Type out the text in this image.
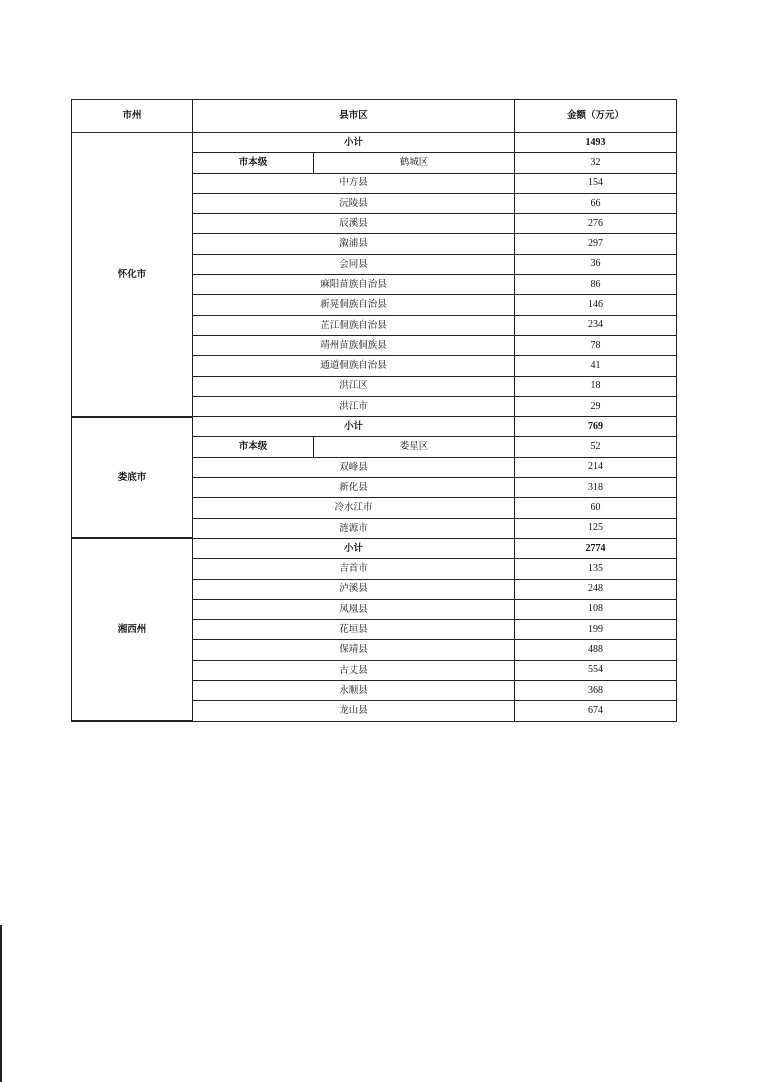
市州	县市区		金额（万元）
怀化市	小计		1493
	市本级	鹤城区	32
	中方县		154
	沅陵县		66
	辰溪县		276
	溆浦县		297
	会同县		36
	麻阳苗族自治县		86
	新晃侗族自治县		146
	芷江侗族自治县		234
	靖州苗族侗族县		78
	通道侗族自治县		41
	洪江区		18
	洪江市		29
娄底市	小计		769
	市本级	娄星区	52
	双峰县		214
	新化县		318
	冷水江市		60
	涟源市		125
湘西州	小计		2774
	吉首市		135
	泸溪县		248
	凤凰县		108
	花垣县		199
	保靖县		488
	古丈县		554
	永顺县		368
	龙山县		674
